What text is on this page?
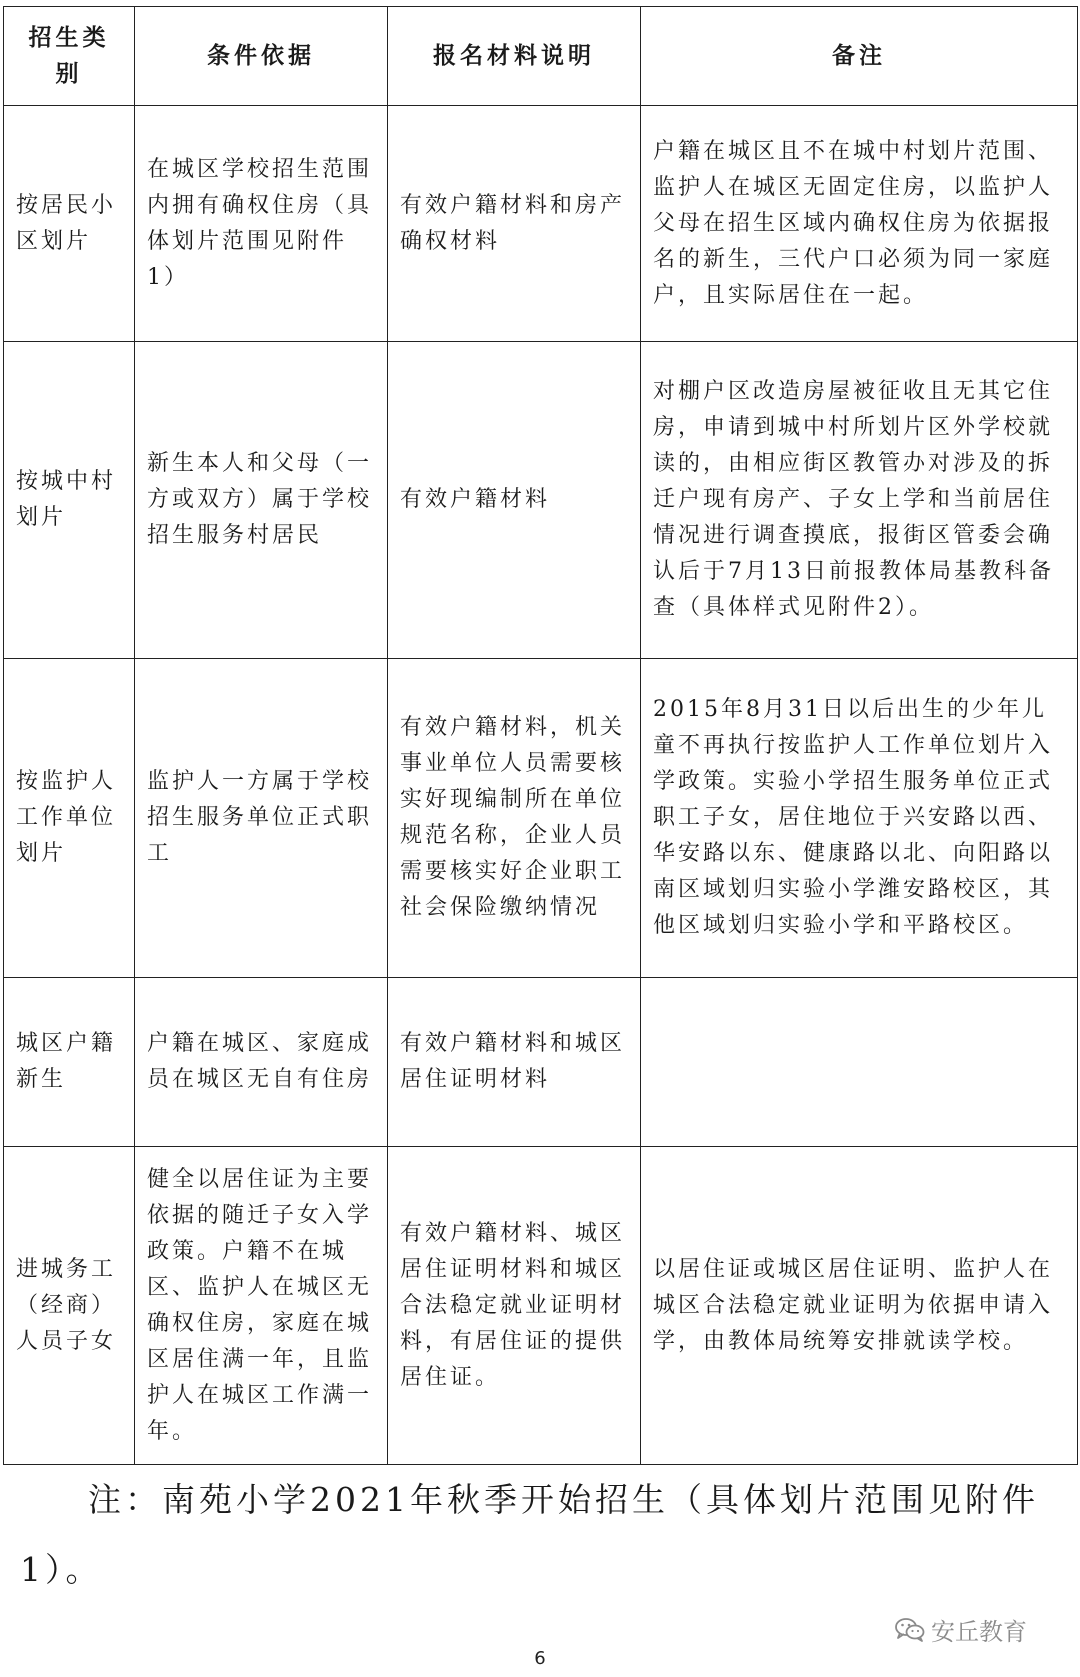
招生类别	条件依据	报名材料说明	备注
按居民小区划片	在城区学校招生范围内拥有确权住房（具体划片范围见附件1）	有效户籍材料和房产确权材料	户籍在城区且不在城中村划片范围、监护人在城区无固定住房，以监护人父母在招生区域内确权住房为依据报名的新生，三代户口必须为同一家庭户，且实际居住在一起。
按城中村划片	新生本人和父母（一方或双方）属于学校招生服务村居民	有效户籍材料	对棚户区改造房屋被征收且无其它住房，申请到城中村所划片区外学校就读的，由相应街区教管办对涉及的拆迁户现有房产、子女上学和当前居住情况进行调查摸底，报街区管委会确认后于7月13日前报教体局基教科备查（具体样式见附件2）。
按监护人工作单位划片	监护人一方属于学校招生服务单位正式职工	有效户籍材料，机关事业单位人员需要核实好现编制所在单位规范名称，企业人员需要核实好企业职工社会保险缴纳情况	2015年8月31日以后出生的少年儿童不再执行按监护人工作单位划片入学政策。实验小学招生服务单位正式职工子女，居住地位于兴安路以西、华安路以东、健康路以北、向阳路以南区域划归实验小学潍安路校区，其他区域划归实验小学和平路校区。
城区户籍新生	户籍在城区、家庭成员在城区无自有住房	有效户籍材料和城区居住证明材料	
进城务工（经商）人员子女	健全以居住证为主要依据的随迁子女入学政策。户籍不在城区、监护人在城区无确权住房，家庭在城区居住满一年，且监护人在城区工作满一年。	有效户籍材料、城区居住证明材料和城区合法稳定就业证明材料，有居住证的提供居住证。	以居住证或城区居住证明、监护人在城区合法稳定就业证明为依据申请入学，由教体局统筹安排就读学校。
注：南苑小学2021年秋季开始招生（具体划片范围见附件1）。
安丘教育
6
